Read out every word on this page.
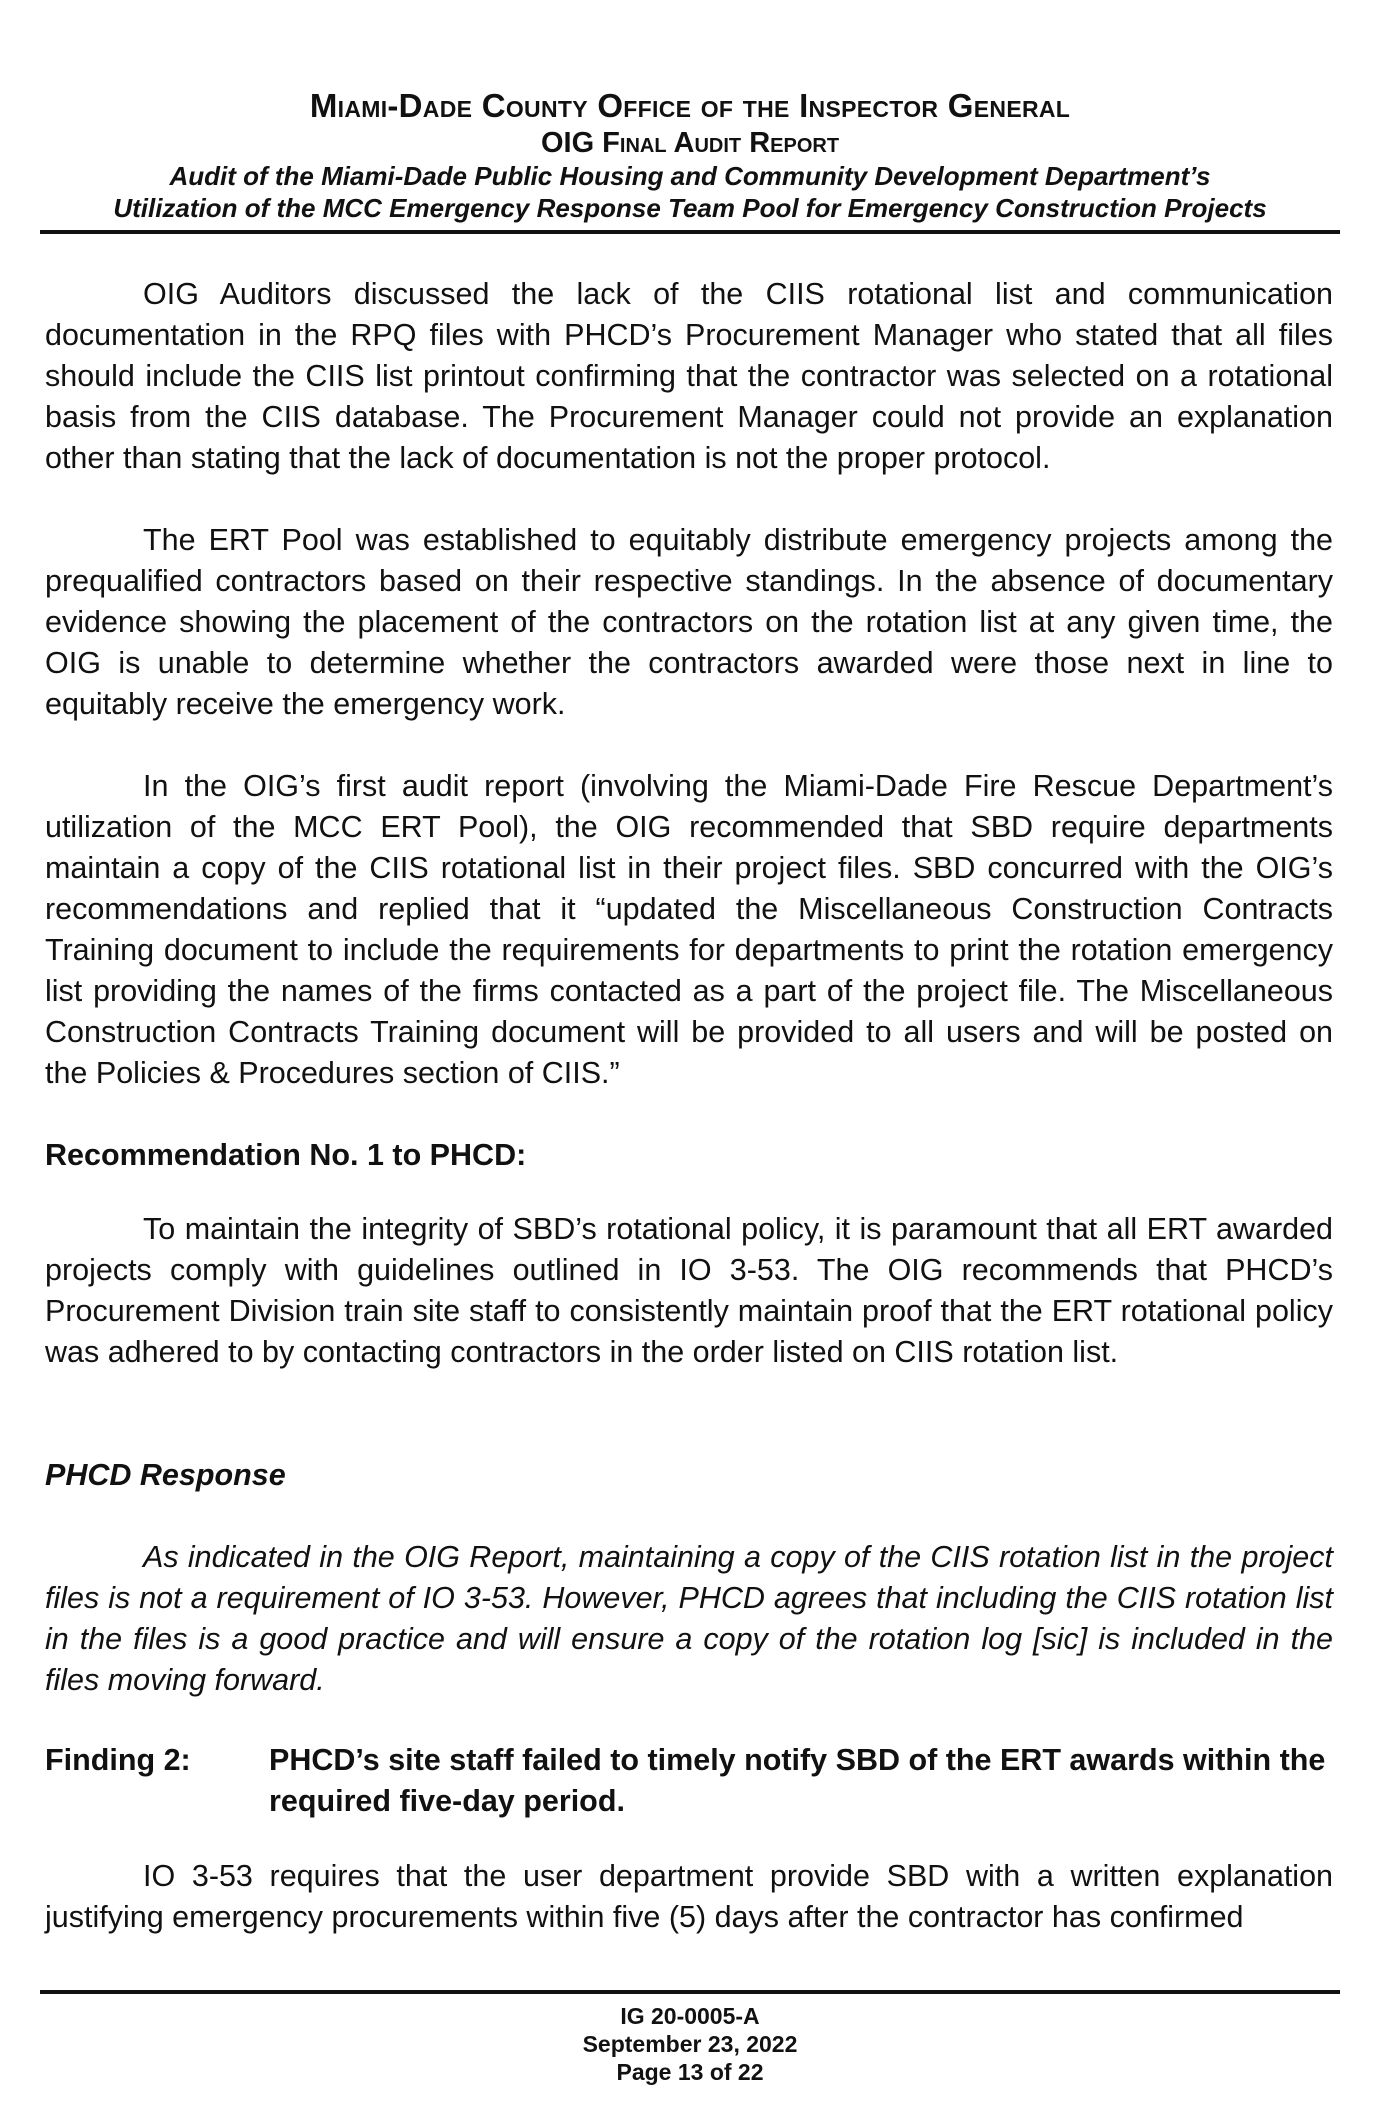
Miami-Dade County Office of the Inspector General
OIG Final Audit Report
Audit of the Miami-Dade Public Housing and Community Development Department’s
Utilization of the MCC Emergency Response Team Pool for Emergency Construction Projects

OIG Auditors discussed the lack of the CIIS rotational list and communication documentation in the RPQ files with PHCD’s Procurement Manager who stated that all files should include the CIIS list printout confirming that the contractor was selected on a rotational basis from the CIIS database. The Procurement Manager could not provide an explanation other than stating that the lack of documentation is not the proper protocol.

The ERT Pool was established to equitably distribute emergency projects among the prequalified contractors based on their respective standings. In the absence of documentary evidence showing the placement of the contractors on the rotation list at any given time, the OIG is unable to determine whether the contractors awarded were those next in line to equitably receive the emergency work.

In the OIG’s first audit report (involving the Miami-Dade Fire Rescue Department’s utilization of the MCC ERT Pool), the OIG recommended that SBD require departments maintain a copy of the CIIS rotational list in their project files. SBD concurred with the OIG’s recommendations and replied that it “updated the Miscellaneous Construction Contracts Training document to include the requirements for departments to print the rotation emergency list providing the names of the firms contacted as a part of the project file. The Miscellaneous Construction Contracts Training document will be provided to all users and will be posted on the Policies & Procedures section of CIIS.”

Recommendation No. 1 to PHCD:

To maintain the integrity of SBD’s rotational policy, it is paramount that all ERT awarded projects comply with guidelines outlined in IO 3-53. The OIG recommends that PHCD’s Procurement Division train site staff to consistently maintain proof that the ERT rotational policy was adhered to by contacting contractors in the order listed on CIIS rotation list.

PHCD Response

As indicated in the OIG Report, maintaining a copy of the CIIS rotation list in the project files is not a requirement of IO 3-53. However, PHCD agrees that including the CIIS rotation list in the files is a good practice and will ensure a copy of the rotation log [sic] is included in the files moving forward.

Finding 2:	PHCD’s site staff failed to timely notify SBD of the ERT awards within the required five-day period.

IO 3-53 requires that the user department provide SBD with a written explanation justifying emergency procurements within five (5) days after the contractor has confirmed

IG 20-0005-A
September 23, 2022
Page 13 of 22
